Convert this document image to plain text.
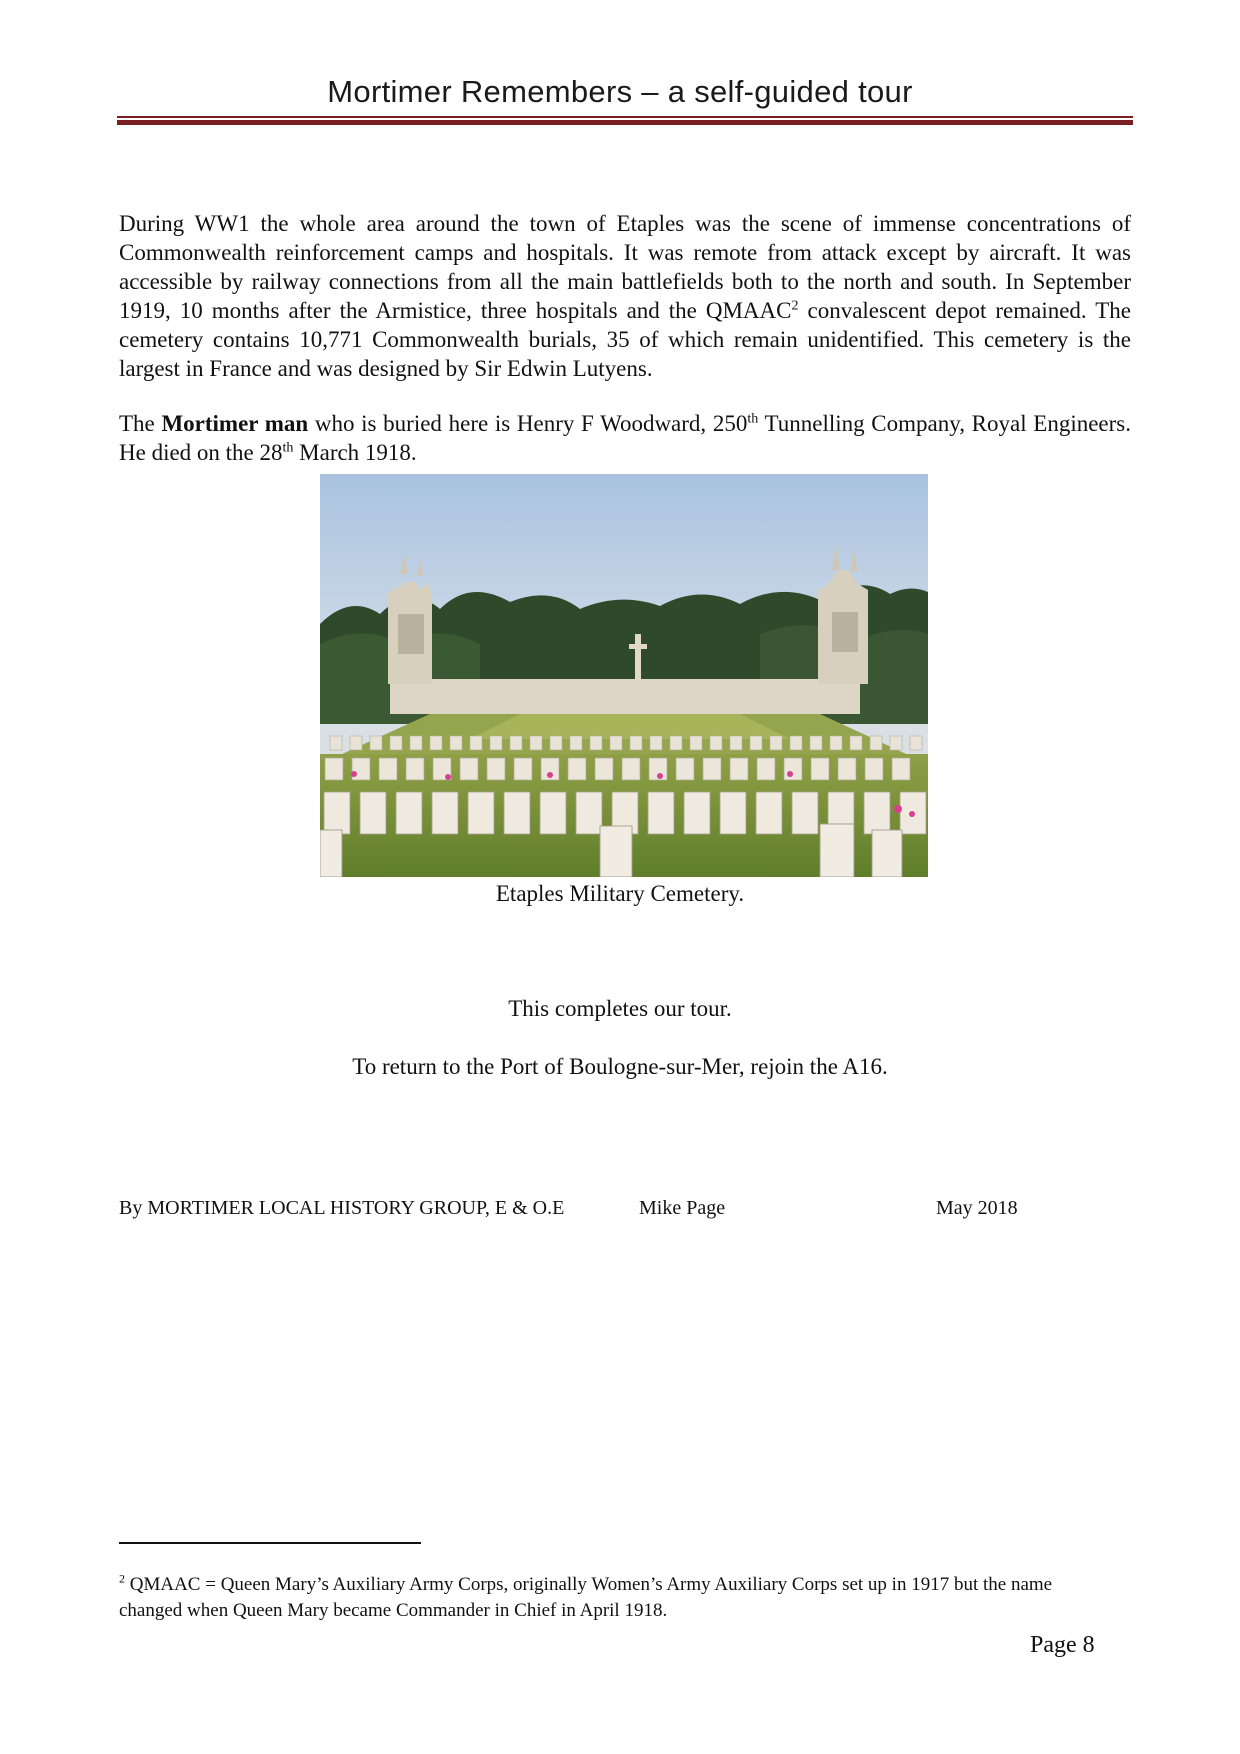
Mortimer Remembers – a self-guided tour

During WW1 the whole area around the town of Etaples was the scene of immense concentrations of Commonwealth reinforcement camps and hospitals. It was remote from attack except by aircraft. It was accessible by railway connections from all the main battlefields both to the north and south. In September 1919, 10 months after the Armistice, three hospitals and the QMAAC$^2$ convalescent depot remained. The cemetery contains 10,771 Commonwealth burials, 35 of which remain unidentified. This cemetery is the largest in France and was designed by Sir Edwin Lutyens.

The Mortimer man who is buried here is Henry F Woodward, 250th Tunnelling Company, Royal Engineers. He died on the 28th March 1918.

Etaples Military Cemetery.
This completes our tour.
To return to the Port of Boulogne-sur-Mer, rejoin the A16.
By MORTIMER LOCAL HISTORY GROUP, E & O.E	Mike Page	May 2018

$^2$ QMAAC = Queen Mary’s Auxiliary Army Corps, originally Women’s Army Auxiliary Corps set up in 1917 but the name changed when Queen Mary became Commander in Chief in April 1918.

Page 8
